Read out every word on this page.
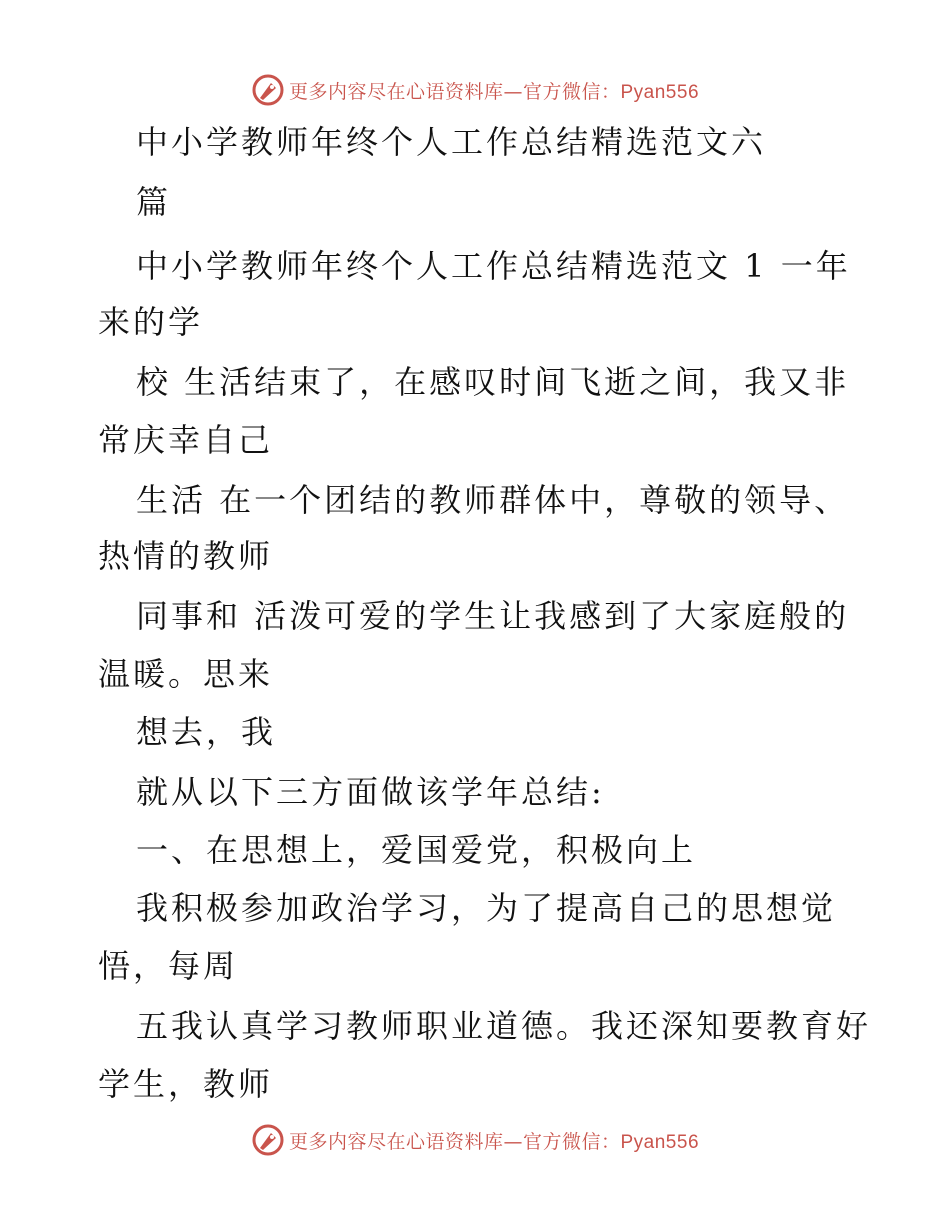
更多内容尽在心语资料库—官方微信：Pyan556
中小学教师年终个人工作总结精选范文六
篇
中小学教师年终个人工作总结精选范文 1 一年
来的学
校 生活结束了，在感叹时间飞逝之间，我又非
常庆幸自己
生活 在一个团结的教师群体中，尊敬的领导、
热情的教师
同事和 活泼可爱的学生让我感到了大家庭般的
温暖。思来
想去，我
就从以下三方面做该学年总结:
一、在思想上，爱国爱党，积极向上
我积极参加政治学习，为了提高自己的思想觉
悟，每周
五我认真学习教师职业道德。我还深知要教育好
学生，教师
更多内容尽在心语资料库—官方微信：Pyan556
